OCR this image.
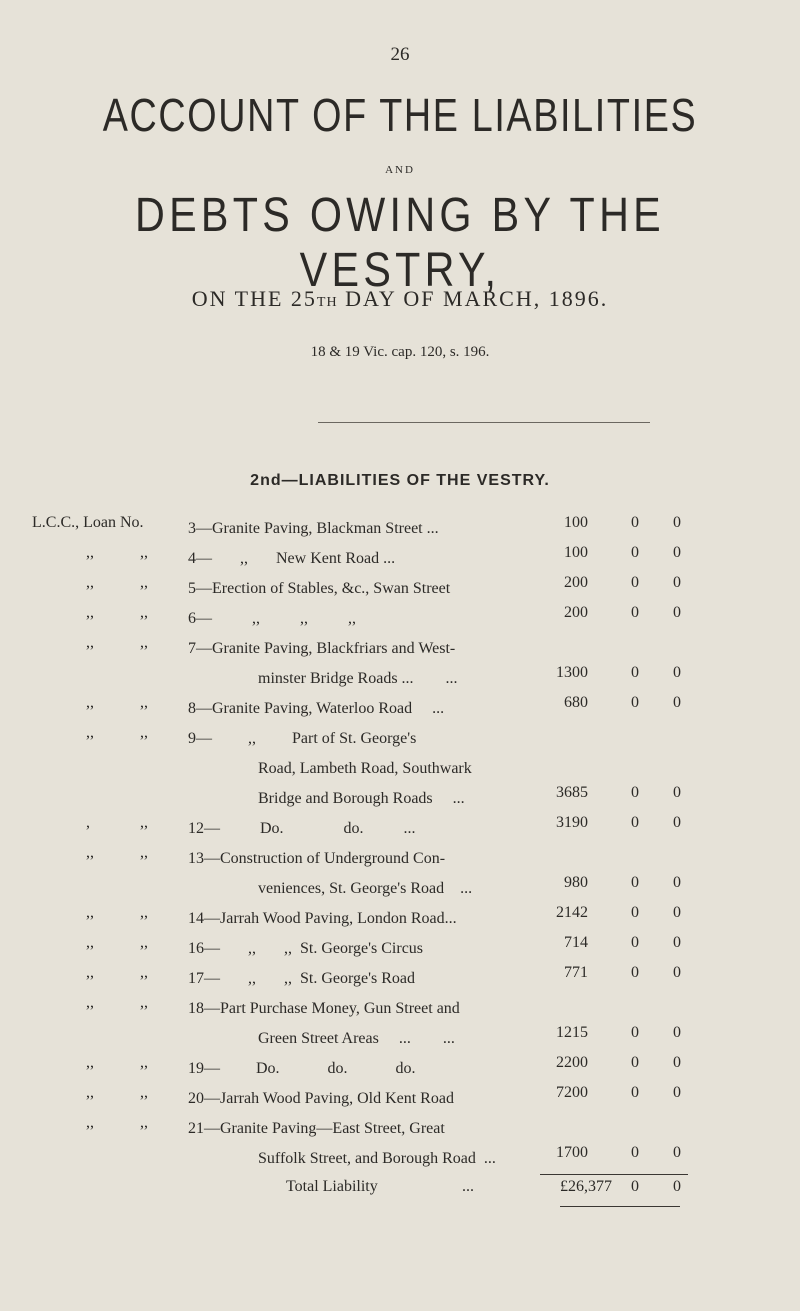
26
ACCOUNT OF THE LIABILITIES
AND
DEBTS OWING BY THE VESTRY,
ON THE 25TH DAY OF MARCH, 1896.
18 & 19 Vic. cap. 120, s. 196.
2nd—LIABILITIES OF THE VESTRY.
L.C.C., Loan No.	3—Granite Paving, Blackman Street ...	100	0 0
,,	,,	4—       ,,       New Kent Road ...	100	0 0
,,	,,	5—Erection of Stables, &c., Swan Street	200	0 0
,,	,,	6—          ,,          ,,          ,,	200	0 0
,,	,,	7—Granite Paving, Blackfriars and West-
minster Bridge Roads ...        ...	1300	0 0
,,	,,	8—Granite Paving, Waterloo Road     ...	680	0 0
,,	,,	9—         ,,         Part of St. George's
Road, Lambeth Road, Southwark
Bridge and Borough Roads     ...	3685	0 0
,	,,	12—          Do.               do.          ...	3190	0 0
,,	,,	13—Construction of Underground Con-
veniences, St. George's Road    ...	980	0 0
,,	,,	14—Jarrah Wood Paving, London Road...	2142	0 0
,,	,,	16—       ,,       ,,  St. George's Circus	714	0 0
,,	,,	17—       ,,       ,,  St. George's Road	771	0 0
,,	,,	18—Part Purchase Money, Gun Street and
Green Street Areas     ...        ...	1215	0 0
,,	,,	19—         Do.            do.            do.	2200	0 0
,,	,,	20—Jarrah Wood Paving, Old Kent Road	7200	0 0
,,	,,	21—Granite Paving—East Street, Great
Suffolk Street, and Borough Road  ...	1700	0 0
Total Liability	...	£26,377 0 0
